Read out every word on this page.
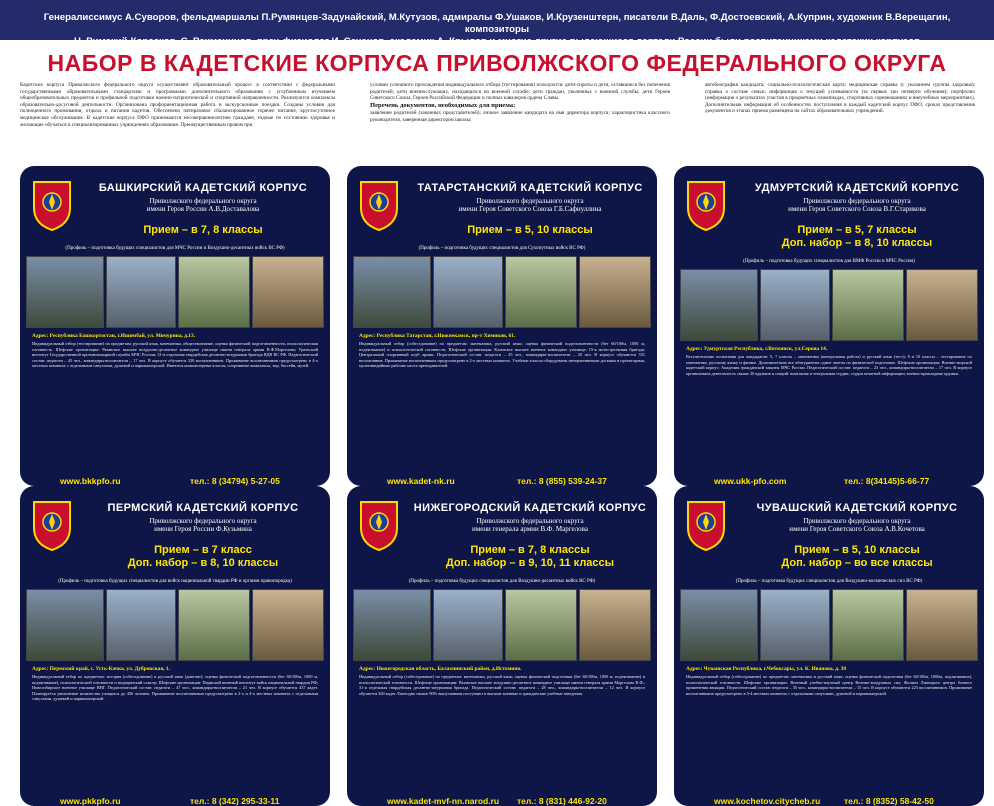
Генералиссимус А.Суворов, фельдмаршалы П.Румянцев-Задунайский, М.Кутузов, адмиралы Ф.Ушаков, И.Крузенштерн, писатели В.Даль, Ф.Достоевский, А.Куприн, художник В.Верещагин, композиторы
Н. Римский-Корсаков, С. Рахманинов, врач-физиолог И. Сеченов, академик А. Крылов и многие другие выдающиеся деятели России были воспитанниками кадетских корпусов
НАБОР В КАДЕТСКИЕ КОРПУСА ПРИВОЛЖСКОГО ФЕДЕРАЛЬНОГО ОКРУГА
Кадетские корпуса Приволжского федерального округа осуществляют образовательный процесс в соответствии с федеральными государственными образовательными стандартами и программами дополнительного образования с углубленным изучением общеобразовательных предметов и профильной подготовки военно-патриотической и спортивной направленности. Реализуются комплексы образовательно-досуговой деятельности. Организована профориентационная работа и экскурсионные поездки. Созданы условия для полноценного проживания, отдыха и питания кадетов. Обеспечено пятиразовое сбалансированное горячее питание, круглосуточное медицинское обслуживание. В кадетские корпуса ПФО принимаются несовершеннолетние граждане, годные по состоянию здоровья и желающие обучаться в специализированных учреждениях образования. Преимущественным правом при
условии успешного прохождения индивидуального отбора (тестирования) пользуются: дети-сироты и дети, оставшиеся без попечения родителей; дети военнослужащих, находящихся на военной службе; дети граждан, уволенных с военной службы; дети Героев Советского Союза, Героев Российской Федерации и полных кавалеров ордена Славы.
Перечень документов, необходимых для приема:
заявление родителей (законных представителей); личное заявление кандидата на имя директора корпуса; характеристика классного руководителя, заверенная директором школы;
автобиография кандидата; социально-психологическая карта; медицинская справка (с указанием группы здоровья); справка о составе семьи; информация о текущей успеваемости (за первые три четверти обучения); портфолио (информация о результатах участия в предметных олимпиадах, спортивных соревнованиях и внеучебных мероприятиях). Дополнительная информация об особенностях поступления в каждый кадетский корпус ПФО, сроках представления документов и этапах приема размещена на сайтах образовательных учреждений.
БАШКИРСКИЙ КАДЕТСКИЙ КОРПУС
Приволжского федерального округа
имени Героя России А.В.Доставалова
Прием – в 7, 8 классы
(Профиль – подготовка будущих специалистов для МЧС России и Воздушно-десантных войск ВС РФ)
Адрес: Республика Башкортостан, г.Ишимбай, ул. Мичурина, д.13.
Индивидуальный отбор (тестирование) по предметам: русский язык, математика, обществознание, оценка физической подготовленности, психологическая готовность. Шефские организации: Рязанское высшее воздушно-десантное командное училище имени генерала армии В.Ф.Маргелова; Уральский институт Государственной противопожарной службы МЧС России; 31-я отдельная гвардейская десантно-штурмовая бригада ВДВ ВС РФ. Педагогический состав: педагоги – 45 чел., командиры-воспитатели – 17 чел. В корпусе обучается 320 воспитанников. Проживание воспитанников предусмотрено в 4-х местных комнатах с отдельными санузлами, душевой и парикмахерской. Имеются компьютерные классы, спортивные комплексы, тир, бассейн, музей.
www.bkkpfo.ru	тел.: 8 (34794) 5-27-05
ТАТАРСТАНСКИЙ КАДЕТСКИЙ КОРПУС
Приволжского федерального округа
имени Героя Советского Союза Г.Б.Сафиуллина
Прием – в 5, 10 классы
(Профиль – подготовка будущих специалистов для Сухопутных войск ВС РФ)
Адрес: Республика Татарстан, г.Нижнекамск, пр-т Химиков, 61.
Индивидуальный отбор (собеседование) по предметам: математика, русский язык; оценка физической подготовленности (бег 60/100м, 1000 м, подтягивание) и психологической готовности. Шефские организации: Казанское высшее военное командное училище; 15-я мотострелковая бригада; Центральный спортивный клуб армии. Педагогический состав: педагоги – 45 чел., командиры-воспитатели – 20 чел. В корпусе обучаются 331 воспитанник. Проживание воспитанников предусмотрено в 2-х местных комнатах. Учебные классы оборудованы интерактивными досками и проекторами, мультимедийные рабочие места преподавателей.
www.kadet-nk.ru	тел.: 8 (855) 539-24-37
УДМУРТСКИЙ КАДЕТСКИЙ КОРПУС
Приволжского федерального округа
имени Героя Советского Союза В.Г.Старикова
Прием – в 5, 7 классы
Доп. набор – в 8, 10 классы
(Профиль – подготовка будущих специалистов для ВМФ России и МЧС России)
Адрес: Удмуртская Республика, г.Воткинск, ул.Серова 14.
Вступительные испытания для кандидатов: 5, 7 классы – математика (контрольная работа) и русский язык (тест); 8 и 10 классы – тестирование по математике, русскому языку и физике. Дополнительно все абитуриенты сдают зачеты по физической подготовке. Шефские организации: Военно-морской кадетский корпус; Академия гражданской защиты МЧС России. Педагогический состав: педагоги – 23 чел., командиры-воспитатели – 17 чел. В корпусе организована деятельность свыше 20 кружков и секций: вокальная и театральная студии, студия печатной информации, военно-прикладные кружки.
www.ukk-pfo.com	тел.: 8(34145)5-66-77
ПЕРМСКИЙ КАДЕТСКИЙ КОРПУС
Приволжского федерального округа
имени Героя России Ф.Кузьмина
Прием – в 7 класс
Доп. набор – в 8, 10 классы
(Профиль – подготовка будущих специалистов для войск национальной гвардии РФ и органов правопорядка)
Адрес: Пермский край, с. Усть-Качка, ул. Дубровская, 1.
Индивидуальный отбор по предметам: история (собеседование) и русский язык (диктант); оценка физической подготовленности (бег 60/100м, 1000 м, подтягивание), психологической готовности и медицинский осмотр. Шефские организации: Пермский военный институт войск национальной гвардии РФ; Новосибирское военное училище ВНГ. Педагогический состав: педагоги – 47 чел., командиры-воспитатели – 21 чел. В корпусе обучается 437 кадет. Планируется увеличение количества учащихся до 456 человек. Проживание воспитанников предусмотрено в 2-х и 4-х местных комнатах с отдельными санузлами, душевой и парикмахерской.
www.pkkpfo.ru	тел.: 8 (342) 295-33-11
НИЖЕГОРОДСКИЙ КАДЕТСКИЙ КОРПУС
Приволжского федерального округа
имени генерала армии В.Ф. Маргелова
Прием – в 7, 8 классы
Доп. набор – в 9, 10, 11 классы
(Профиль – подготовка будущих специалистов для Воздушно-десантных войск ВС РФ)
Адрес: Нижегородская область, Балахнинский район, д.Истомино.
Индивидуальный отбор (собеседование) по предметам: математика, русский язык; оценка физической подготовки (бег 60/100м, 1000 м, подтягивание) и психологической готовности. Шефские организации: Рязанское высшее воздушно-десантное командное училище имени генерала армии Маргелова В.Ф.; 31-я отдельная гвардейская десантно-штурмовая бригада. Педагогический состав: педагоги – 28 чел., командиры-воспитатели – 12 чел. В корпусе обучается 300 кадет. Ежегодно свыше 90% выпускников поступают в высшие военные и гражданские учебные заведения.
www.kadet-mvf-nn.narod.ru тел.: 8 (831) 446-92-20
ЧУВАШСКИЙ КАДЕТСКИЙ КОРПУС
Приволжского федерального округа
имени Героя Советского Союза А.В.Кочетова
Прием – в 5, 10 классы
Доп. набор – во все классы
(Профиль – подготовка будущих специалистов для Воздушно-космических сил ВС РФ)
Адрес: Чувашская Республика, г.Чебоксары, ул. К. Иванова, д. 30
Индивидуальный отбор (собеседование) по предметам: математика и русский язык; оценка физической подготовки (бег 60/100м, 1000м, подтягивание), психологической готовности. Шефские организации: Военный учебно-научный центр Военно-воздушных сил; Филиал Липецкого центра боевого применения авиации. Педагогический состав: педагоги – 35 чел., командиры-воспитатели – 15 чел. В корпусе обучаются 225 воспитанников. Проживание воспитанников предусмотрено в 3-4 местных комнатах с отдельными санузлами, душевой и парикмахерской.
www.kochetov.citycheb.ru	тел.: 8 (8352) 58-42-50
